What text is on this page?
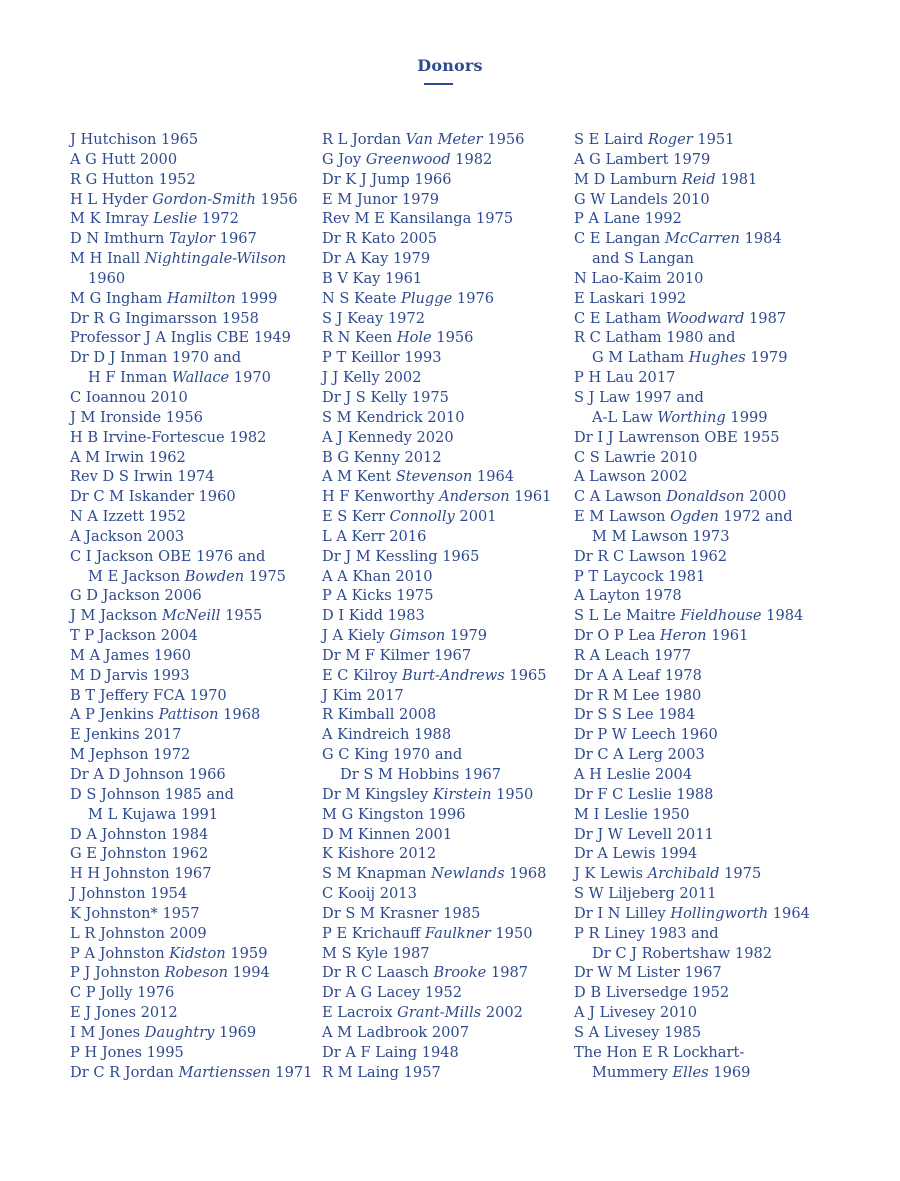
Donors
J Hutchison 1965
A G Hutt 2000
R G Hutton 1952
H L Hyder Gordon-Smith 1956
M K Imray Leslie 1972
D N Imthurn Taylor 1967
M H Inall Nightingale-Wilson
1960
M G Ingham Hamilton 1999
Dr R G Ingimarsson 1958
Professor J A Inglis CBE 1949
Dr D J Inman 1970 and
H F Inman Wallace 1970
C Ioannou 2010
J M Ironside 1956
H B Irvine-Fortescue 1982
A M Irwin 1962
Rev D S Irwin 1974
Dr C M Iskander 1960
N A Izzett 1952
A Jackson 2003
C I Jackson OBE 1976 and
M E Jackson Bowden 1975
G D Jackson 2006
J M Jackson McNeill 1955
T P Jackson 2004
M A James 1960
M D Jarvis 1993
B T Jeffery FCA 1970
A P Jenkins Pattison 1968
E Jenkins 2017
M Jephson 1972
Dr A D Johnson 1966
D S Johnson 1985 and
M L Kujawa 1991
D A Johnston 1984
G E Johnston 1962
H H Johnston 1967
J Johnston 1954
K Johnston* 1957
L R Johnston 2009
P A Johnston Kidston 1959
P J Johnston Robeson 1994
C P Jolly 1976
E J Jones 2012
I M Jones Daughtry 1969
P H Jones 1995
Dr C R Jordan Martienssen 1971
R L Jordan Van Meter 1956
G Joy Greenwood 1982
Dr K J Jump 1966
E M Junor 1979
Rev M E Kansilanga 1975
Dr R Kato 2005
Dr A Kay 1979
B V Kay 1961
N S Keate Plugge 1976
S J Keay 1972
R N Keen Hole 1956
P T Keillor 1993
J J Kelly 2002
Dr J S Kelly 1975
S M Kendrick 2010
A J Kennedy 2020
B G Kenny 2012
A M Kent Stevenson 1964
H F Kenworthy Anderson 1961
E S Kerr Connolly 2001
L A Kerr 2016
Dr J M Kessling 1965
A A Khan 2010
P A Kicks 1975
D I Kidd 1983
J A Kiely Gimson 1979
Dr M F Kilmer 1967
E C Kilroy Burt-Andrews 1965
J Kim 2017
R Kimball 2008
A Kindreich 1988
G C King 1970 and
Dr S M Hobbins 1967
Dr M Kingsley Kirstein 1950
M G Kingston 1996
D M Kinnen 2001
K Kishore 2012
S M Knapman Newlands 1968
C Kooij 2013
Dr S M Krasner 1985
P E Krichauff Faulkner 1950
M S Kyle 1987
Dr R C Laasch Brooke 1987
Dr A G Lacey 1952
E Lacroix Grant-Mills 2002
A M Ladbrook 2007
Dr A F Laing 1948
R M Laing 1957
S E Laird Roger 1951
A G Lambert 1979
M D Lamburn Reid 1981
G W Landels 2010
P A Lane 1992
C E Langan McCarren 1984
and S Langan
N Lao-Kaim 2010
E Laskari 1992
C E Latham Woodward 1987
R C Latham 1980 and
G M Latham Hughes 1979
P H Lau 2017
S J Law 1997 and
A-L Law Worthing 1999
Dr I J Lawrenson OBE 1955
C S Lawrie 2010
A Lawson 2002
C A Lawson Donaldson 2000
E M Lawson Ogden 1972 and
M M Lawson 1973
Dr R C Lawson 1962
P T Laycock 1981
A Layton 1978
S L Le Maitre Fieldhouse 1984
Dr O P Lea Heron 1961
R A Leach 1977
Dr A A Leaf 1978
Dr R M Lee 1980
Dr S S Lee 1984
Dr P W Leech 1960
Dr C A Lerg 2003
A H Leslie 2004
Dr F C Leslie 1988
M I Leslie 1950
Dr J W Levell 2011
Dr A Lewis 1994
J K Lewis Archibald 1975
S W Liljeberg 2011
Dr I N Lilley Hollingworth 1964
P R Liney 1983 and
Dr C J Robertshaw 1982
Dr W M Lister 1967
D B Liversedge 1952
A J Livesey 2010
S A Livesey 1985
The Hon E R Lockhart-
Mummery Elles 1969
